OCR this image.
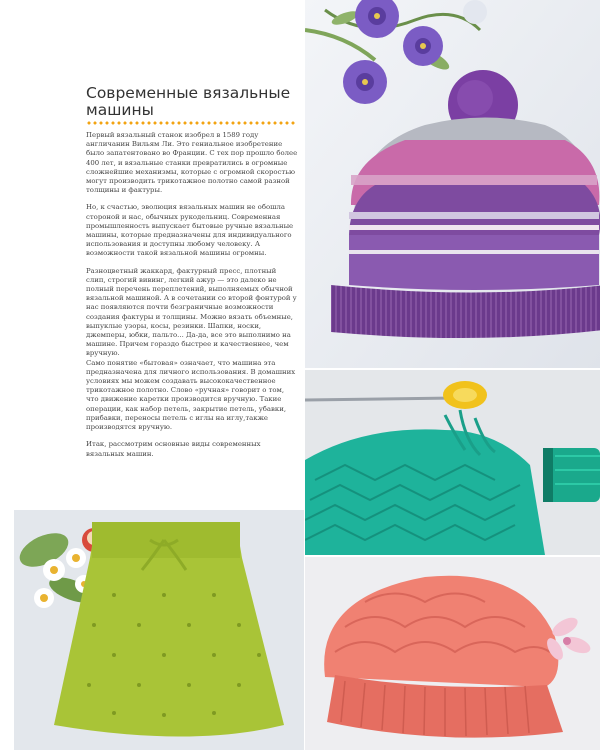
Современные вязальные машины

Первый вязальный станок изобрел в 1589 году англичанин Вильям Ли. Это гениальное изобретение было запатентовано во Франции. С тех пор прошло более 400 лет, и вязальные станки превратились в огромные сложнейшие механизмы, которые с огромной скоростью могут производить трикотажное полотно самой разной толщины и фактуры.

Но, к счастью, эволюция вязальных машин не обошла стороной и нас, обычных рукодельниц. Современная промышленность выпускает бытовые ручные вязальные машины, которые предназначены для индивидуального использования и доступны любому человеку. А возможности такой вязальной машины огромны.

Разноцветный жаккард, фактурный пресс, плотный слип, строгий вивинг, легкий ажур — это далеко не полный перечень переплетений, выполняемых обычной вязальной машиной. А в сочетании со второй фонтурой у нас появляются почти безграничные возможности создания фактуры и толщины. Можно вязать объемные, выпуклые узоры, косы, резинки. Шапки, носки, джемперы, юбки, пальто... Да-да, все это выполнимо на машине. Причем гораздо быстрее и качественнее, чем вручную.

Само понятие «бытовая» означает, что машина эта предназначена для личного использования. В домашних условиях мы можем создавать высококачественное трикотажное полотно. Слово «ручная» говорит о том, что движение каретки производится вручную. Такие операции, как набор петель, закрытие петель, убавки, прибавки, переносы петель с иглы на иглу,также производятся вручную.

Итак, рассмотрим основные виды современных вязальных машин.
